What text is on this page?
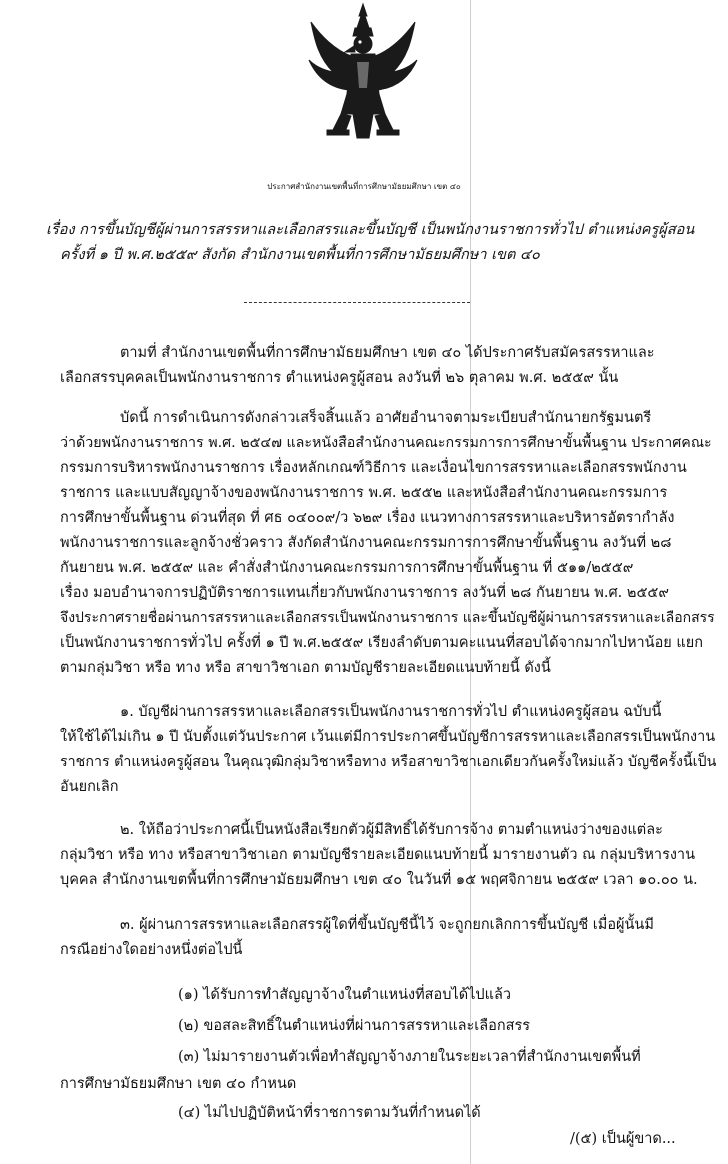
ประกาศสำนักงานเขตพื้นที่การศึกษามัธยมศึกษา เขต ๔๐
เรื่อง การขึ้นบัญชีผู้ผ่านการสรรหาและเลือกสรรและขึ้นบัญชี เป็นพนักงานราชการทั่วไป ตำแหน่งครูผู้สอน
ครั้งที่ ๑ ปี พ.ศ.๒๕๕๙ สังกัด สำนักงานเขตพื้นที่การศึกษามัธยมศึกษา เขต ๔๐
ตามที่ สำนักงานเขตพื้นที่การศึกษามัธยมศึกษา เขต ๔๐ ได้ประกาศรับสมัครสรรหาและ
เลือกสรรบุคคลเป็นพนักงานราชการ ตำแหน่งครูผู้สอน ลงวันที่ ๒๖ ตุลาคม พ.ศ. ๒๕๕๙ นั้น
บัดนี้ การดำเนินการดังกล่าวเสร็จสิ้นแล้ว อาศัยอำนาจตามระเบียบสำนักนายกรัฐมนตรี
ว่าด้วยพนักงานราชการ พ.ศ. ๒๕๔๗ และหนังสือสำนักงานคณะกรรมการการศึกษาขั้นพื้นฐาน ประกาศคณะ
กรรมการบริหารพนักงานราชการ เรื่องหลักเกณฑ์วิธีการ และเงื่อนไขการสรรหาและเลือกสรรพนักงาน
ราชการ และแบบสัญญาจ้างของพนักงานราชการ พ.ศ. ๒๕๕๒ และหนังสือสำนักงานคณะกรรมการ
การศึกษาขั้นพื้นฐาน ด่วนที่สุด ที่ ศธ ๐๔๐๐๙/ว ๖๒๙ เรื่อง แนวทางการสรรหาและบริหารอัตรากำลัง
พนักงานราชการและลูกจ้างชั่วคราว สังกัดสำนักงานคณะกรรมการการศึกษาขั้นพื้นฐาน ลงวันที่ ๒๘
กันยายน พ.ศ. ๒๕๕๙ และ คำสั่งสำนักงานคณะกรรมการการศึกษาขั้นพื้นฐาน ที่ ๕๑๑/๒๕๕๙
เรื่อง มอบอำนาจการปฏิบัติราชการแทนเกี่ยวกับพนักงานราชการ ลงวันที่ ๒๘ กันยายน พ.ศ. ๒๕๕๙
จึงประกาศรายชื่อผ่านการสรรหาและเลือกสรรเป็นพนักงานราชการ และขึ้นบัญชีผู้ผ่านการสรรหาและเลือกสรร
เป็นพนักงานราชการทั่วไป ครั้งที่ ๑ ปี พ.ศ.๒๕๕๙ เรียงลำดับตามคะแนนที่สอบได้จากมากไปหาน้อย แยก
ตามกลุ่มวิชา หรือ ทาง หรือ สาขาวิชาเอก ตามบัญชีรายละเอียดแนบท้ายนี้ ดังนี้
๑. บัญชีผ่านการสรรหาและเลือกสรรเป็นพนักงานราชการทั่วไป ตำแหน่งครูผู้สอน ฉบับนี้
ให้ใช้ได้ไม่เกิน ๑ ปี นับตั้งแต่วันประกาศ เว้นแต่มีการประกาศขึ้นบัญชีการสรรหาและเลือกสรรเป็นพนักงาน
ราชการ ตำแหน่งครูผู้สอน ในคุณวุฒิกลุ่มวิชาหรือทาง หรือสาขาวิชาเอกเดียวกันครั้งใหม่แล้ว บัญชีครั้งนี้เป็น
อันยกเลิก
๒. ให้ถือว่าประกาศนี้เป็นหนังสือเรียกตัวผู้มีสิทธิ์ได้รับการจ้าง ตามตำแหน่งว่างของแต่ละ
กลุ่มวิชา หรือ ทาง หรือสาขาวิชาเอก ตามบัญชีรายละเอียดแนบท้ายนี้ มารายงานตัว ณ กลุ่มบริหารงาน
บุคคล สำนักงานเขตพื้นที่การศึกษามัธยมศึกษา เขต ๔๐ ในวันที่ ๑๕ พฤศจิกายน ๒๕๕๙ เวลา ๑๐.๐๐ น.
๓. ผู้ผ่านการสรรหาและเลือกสรรผู้ใดที่ขึ้นบัญชีนี้ไว้ จะถูกยกเลิกการขึ้นบัญชี เมื่อผู้นั้นมี
กรณีอย่างใดอย่างหนึ่งต่อไปนี้
(๑) ได้รับการทำสัญญาจ้างในตำแหน่งที่สอบได้ไปแล้ว
(๒) ขอสละสิทธิ์ในตำแหน่งที่ผ่านการสรรหาและเลือกสรร
(๓) ไม่มารายงานตัวเพื่อทำสัญญาจ้างภายในระยะเวลาที่สำนักงานเขตพื้นที่
การศึกษามัธยมศึกษา เขต ๔๐ กำหนด
(๔) ไม่ไปปฏิบัติหน้าที่ราชการตามวันที่กำหนดได้
/(๕) เป็นผู้ขาด...
